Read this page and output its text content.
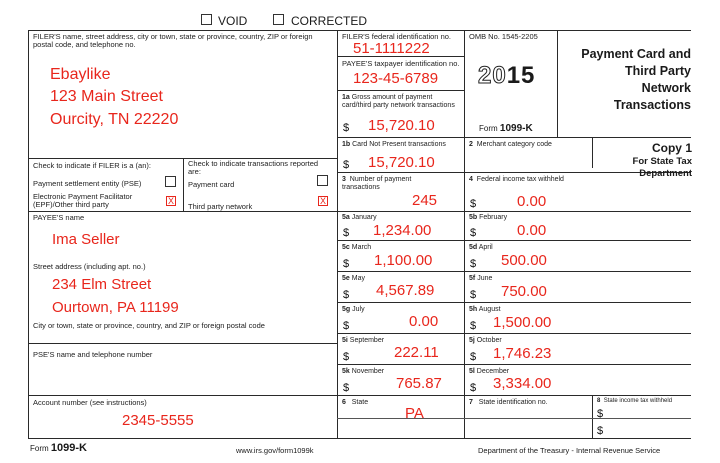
VOID	CORRECTED
FILER'S name, street address, city or town, state or province, country, ZIP or foreign postal code, and telephone no.
Ebaylike
123 Main Street
Ourcity, TN 22220
FILER'S federal identification no.
51-1111222
PAYEE'S taxpayer identification no.
123-45-6789
1a Gross amount of payment card/third party network transactions
$ 15,720.10
OMB No. 1545-2205
2015
Form 1099-K
Payment Card and
Third Party
Network
Transactions
1b Card Not Present transactions
$ 15,720.10
2 Merchant category code	Copy 1
For State Tax
Department
Check to indicate if FILER is a (an):
Payment settlement entity (PSE)
Electronic Payment Facilitator (EPF)/Other third party	X
Check to indicate transactions reported are:
Payment card
Third party network
X
3 Number of payment transactions
245
4 Federal income tax withheld
$	0.00
PAYEE'S name
Ima Seller
Street address (including apt. no.)
234 Elm Street
Ourtown, PA 11199
City or town, state or province, country, and ZIP or foreign postal code
PSE'S name and telephone number
Account number (see instructions)
2345-5555
5a January
$ 1,234.00
5b February
$	0.00
5c March
$ 1,100.00
5d April
$ 500.00
5e May
$ 4,567.89
5f June
$ 750.00
5g July
$	0.00
5h August
$ 1,500.00
5i September
$	222.11
5j October
$ 1,746.23
5k November
$	765.87
5l December
$ 3,334.00
6 State
PA
7 State identification no.	8 State income tax withheld
$
$
Form 1099-K	www.irs.gov/form1099k	Department of the Treasury - Internal Revenue Service
